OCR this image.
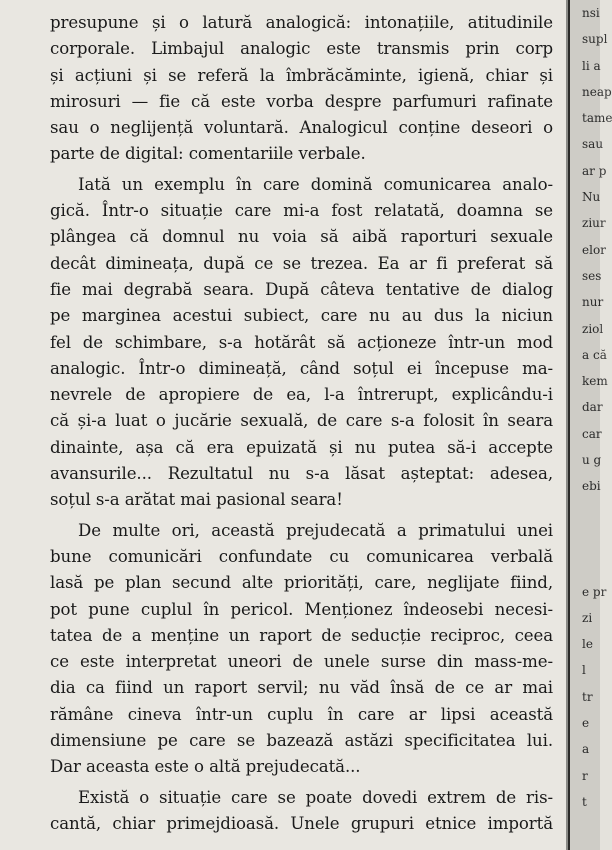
presupune și o latură analogică: intonațiile, atitudinile
corporale. Limbajul analogic este transmis prin corp
și acțiuni și se referă la îmbrăcăminte, igienă, chiar și
mirosuri — fie că este vorba despre parfumuri rafinate
sau o neglijență voluntară. Analogicul conține deseori o
parte de digital: comentariile verbale.
Iată un exemplu în care domină comunicarea analo-
gică. Într-o situație care mi-a fost relatată, doamna se
plângea că domnul nu voia să aibă raporturi sexuale
decât dimineața, după ce se trezea. Ea ar fi preferat să
fie mai degrabă seara. După câteva tentative de dialog
pe marginea acestui subiect, care nu au dus la niciun
fel de schimbare, s-a hotărât să acționeze într-un mod
analogic. Într-o dimineață, când soțul ei începuse ma-
nevrele de apropiere de ea, l-a întrerupt, explicându-i
că și-a luat o jucărie sexuală, de care s-a folosit în seara
dinainte, așa că era epuizată și nu putea să-i accepte
avansurile... Rezultatul nu s-a lăsat așteptat: adesea,
soțul s-a arătat mai pasional seara!
De multe ori, această prejudecată a primatului unei
bune comunicări confundate cu comunicarea verbală
lasă pe plan secund alte priorități, care, neglijate fiind,
pot pune cuplul în pericol. Menționez îndeosebi necesi-
tatea de a menține un raport de seducție reciproc, ceea
ce este interpretat uneori de unele surse din mass-me-
dia ca fiind un raport servil; nu văd însă de ce ar mai
rămâne cineva într-un cuplu în care ar lipsi această
dimensiune pe care se bazează astăzi specificitatea lui.
Dar aceasta este o altă prejudecată...
Există o situație care se poate dovedi extrem de ris-
cantă, chiar primejdioasă. Unele grupuri etnice importă
nsi
supl
li a
neap
tame
sau
ar p
Nu
ziur
elor
ses
nur
ziol
a că
kem
dar
car
u g
ebi
e pr
zi
le
l
tr
e
a
r
t
